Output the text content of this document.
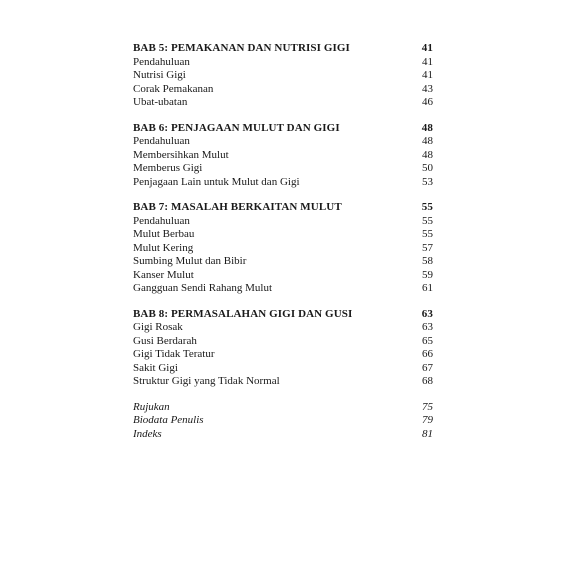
BAB 5: PEMAKANAN DAN NUTRISI GIGI	41
Pendahuluan	41
Nutrisi Gigi	41
Corak Pemakanan	43
Ubat-ubatan	46
BAB 6: PENJAGAAN MULUT DAN GIGI	48
Pendahuluan	48
Membersihkan Mulut	48
Memberus Gigi	50
Penjagaan Lain untuk Mulut dan Gigi	53
BAB 7: MASALAH BERKAITAN MULUT	55
Pendahuluan	55
Mulut Berbau	55
Mulut Kering	57
Sumbing Mulut dan Bibir	58
Kanser Mulut	59
Gangguan Sendi Rahang Mulut	61
BAB 8: PERMASALAHAN GIGI DAN GUSI	63
Gigi Rosak	63
Gusi Berdarah	65
Gigi Tidak Teratur	66
Sakit Gigi	67
Struktur Gigi yang Tidak Normal	68
Rujukan	75
Biodata Penulis	79
Indeks	81
